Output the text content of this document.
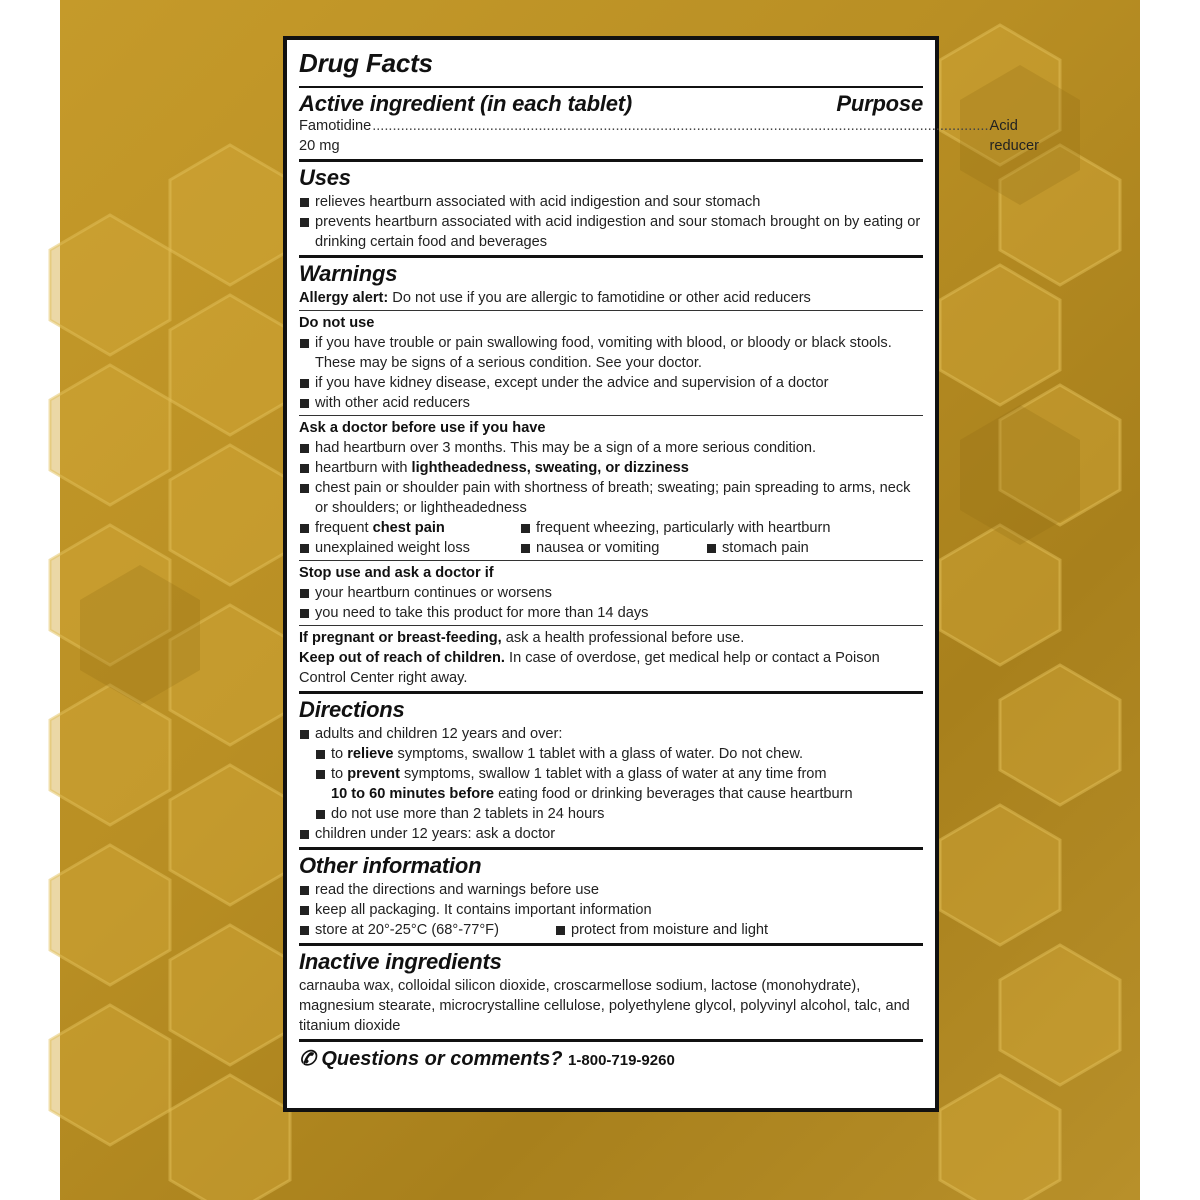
Drug Facts
Active ingredient (in each tablet)	Purpose
Famotidine 20 mg
........................................................................................................................................................ Acid reducer
Uses
relieves heartburn associated with acid indigestion and sour stomach
prevents heartburn associated with acid indigestion and sour stomach brought on by eating or drinking certain food and beverages
Warnings
Allergy alert: Do not use if you are allergic to famotidine or other acid reducers
Do not use
if you have trouble or pain swallowing food, vomiting with blood, or bloody or black stools. These may be signs of a serious condition. See your doctor.
if you have kidney disease, except under the advice and supervision of a doctor
with other acid reducers
Ask a doctor before use if you have
had heartburn over 3 months. This may be a sign of a more serious condition.
heartburn with lightheadedness, sweating, or dizziness
chest pain or shoulder pain with shortness of breath; sweating; pain spreading to arms, neck or shoulders; or lightheadedness
frequent chest pain	frequent wheezing, particularly with heartburn
unexplained weight loss	nausea or vomiting	stomach pain
Stop use and ask a doctor if
your heartburn continues or worsens
you need to take this product for more than 14 days
If pregnant or breast-feeding, ask a health professional before use.
Keep out of reach of children. In case of overdose, get medical help or contact a Poison Control Center right away.
Directions
adults and children 12 years and over:
to relieve symptoms, swallow 1 tablet with a glass of water. Do not chew.
to prevent symptoms, swallow 1 tablet with a glass of water at any time from
10 to 60 minutes before eating food or drinking beverages that cause heartburn
do not use more than 2 tablets in 24 hours
children under 12 years: ask a doctor
Other information
read the directions and warnings before use
keep all packaging. It contains important information
store at 20°-25°C (68°-77°F)	protect from moisture and light
Inactive ingredients
carnauba wax, colloidal silicon dioxide, croscarmellose sodium, lactose (monohydrate), magnesium stearate, microcrystalline cellulose, polyethylene glycol, polyvinyl alcohol, talc, and titanium dioxide
✆ Questions or comments? 1-800-719-9260
